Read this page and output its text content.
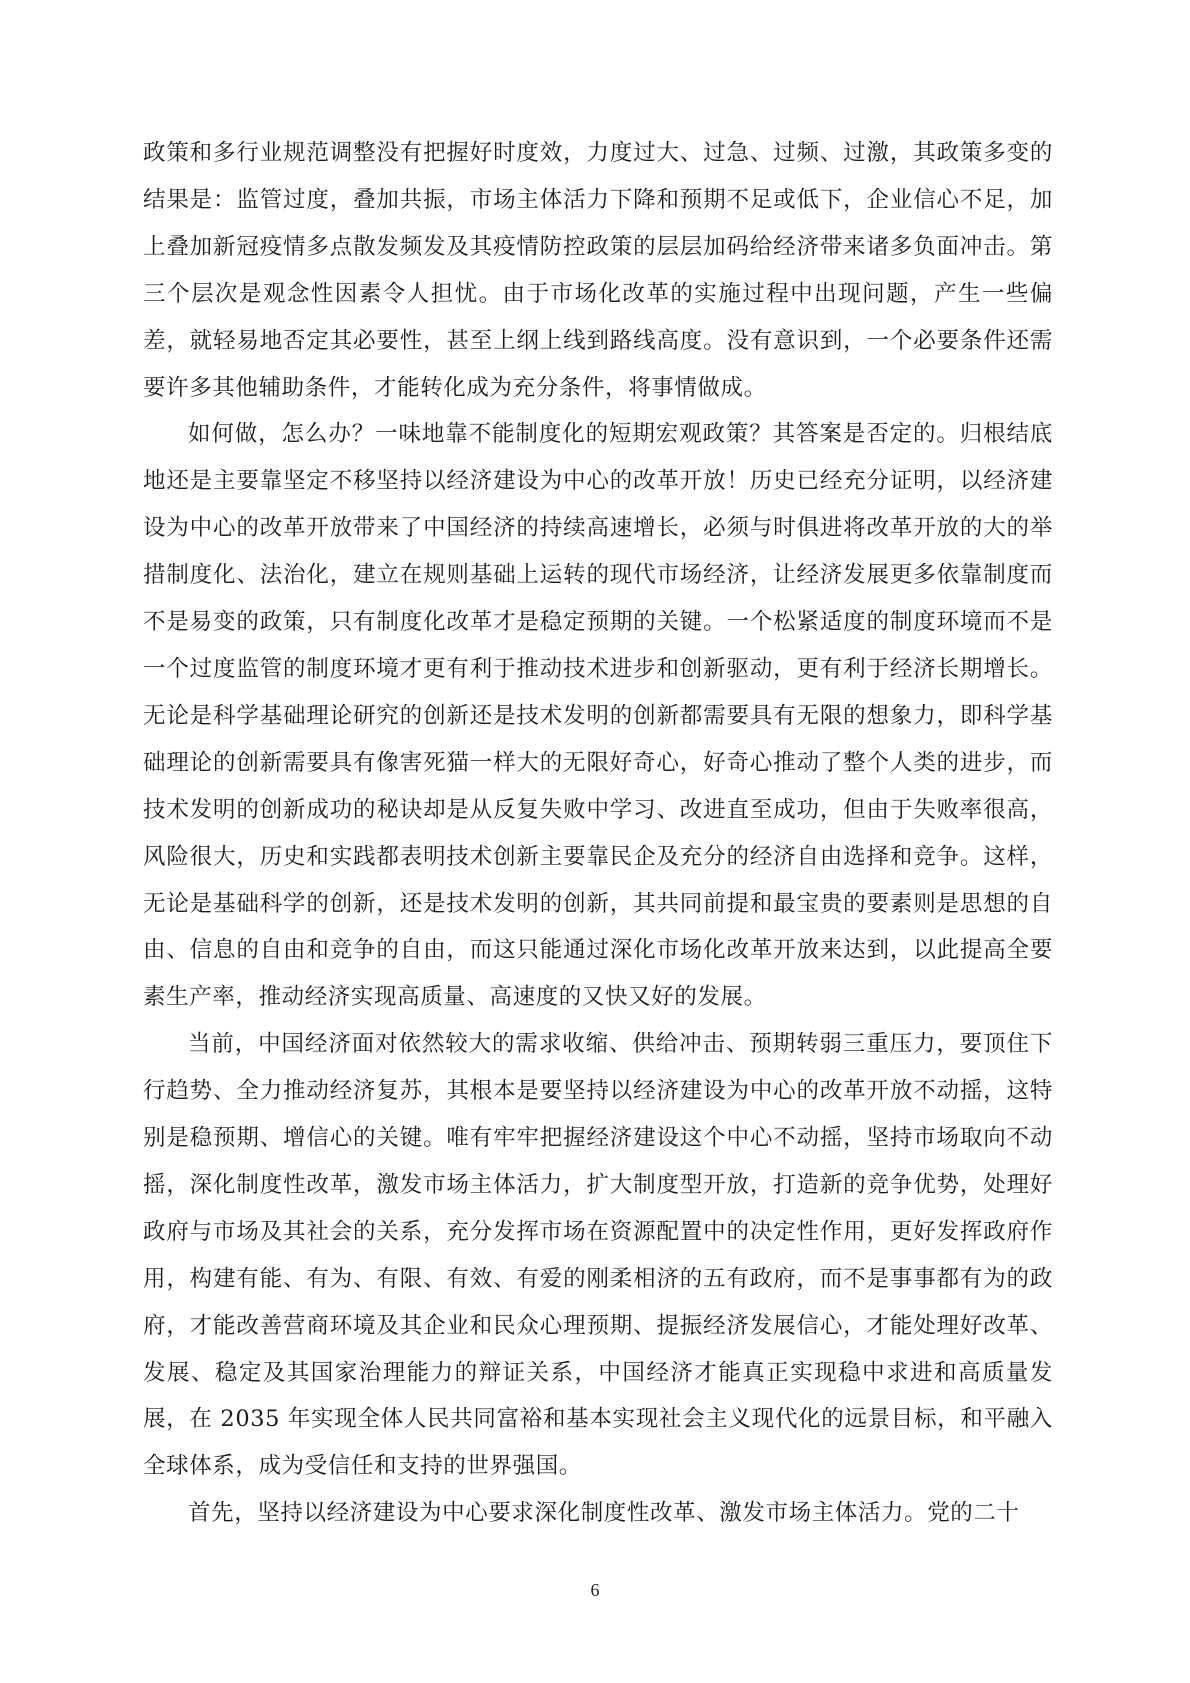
政策和多行业规范调整没有把握好时度效，力度过大、过急、过频、过激，其政策多变的结果是：监管过度，叠加共振，市场主体活力下降和预期不足或低下，企业信心不足，加上叠加新冠疫情多点散发频发及其疫情防控政策的层层加码给经济带来诸多负面冲击。第三个层次是观念性因素令人担忧。由于市场化改革的实施过程中出现问题，产生一些偏差，就轻易地否定其必要性，甚至上纲上线到路线高度。没有意识到，一个必要条件还需要许多其他辅助条件，才能转化成为充分条件，将事情做成。

如何做，怎么办？一味地靠不能制度化的短期宏观政策？其答案是否定的。归根结底地还是主要靠坚定不移坚持以经济建设为中心的改革开放！历史已经充分证明，以经济建设为中心的改革开放带来了中国经济的持续高速增长，必须与时俱进将改革开放的大的举措制度化、法治化，建立在规则基础上运转的现代市场经济，让经济发展更多依靠制度而不是易变的政策，只有制度化改革才是稳定预期的关键。一个松紧适度的制度环境而不是一个过度监管的制度环境才更有利于推动技术进步和创新驱动，更有利于经济长期增长。无论是科学基础理论研究的创新还是技术发明的创新都需要具有无限的想象力，即科学基础理论的创新需要具有像害死猫一样大的无限好奇心，好奇心推动了整个人类的进步，而技术发明的创新成功的秘诀却是从反复失败中学习、改进直至成功，但由于失败率很高，风险很大，历史和实践都表明技术创新主要靠民企及充分的经济自由选择和竞争。这样，无论是基础科学的创新，还是技术发明的创新，其共同前提和最宝贵的要素则是思想的自由、信息的自由和竞争的自由，而这只能通过深化市场化改革开放来达到，以此提高全要素生产率，推动经济实现高质量、高速度的又快又好的发展。

当前，中国经济面对依然较大的需求收缩、供给冲击、预期转弱三重压力，要顶住下行趋势、全力推动经济复苏，其根本是要坚持以经济建设为中心的改革开放不动摇，这特别是稳预期、增信心的关键。唯有牢牢把握经济建设这个中心不动摇，坚持市场取向不动摇，深化制度性改革，激发市场主体活力，扩大制度型开放，打造新的竞争优势，处理好政府与市场及其社会的关系，充分发挥市场在资源配置中的决定性作用，更好发挥政府作用，构建有能、有为、有限、有效、有爱的刚柔相济的五有政府，而不是事事都有为的政府，才能改善营商环境及其企业和民众心理预期、提振经济发展信心，才能处理好改革、发展、稳定及其国家治理能力的辩证关系，中国经济才能真正实现稳中求进和高质量发展，在 2035 年实现全体人民共同富裕和基本实现社会主义现代化的远景目标，和平融入全球体系，成为受信任和支持的世界强国。

首先，坚持以经济建设为中心要求深化制度性改革、激发市场主体活力。党的二十

6
